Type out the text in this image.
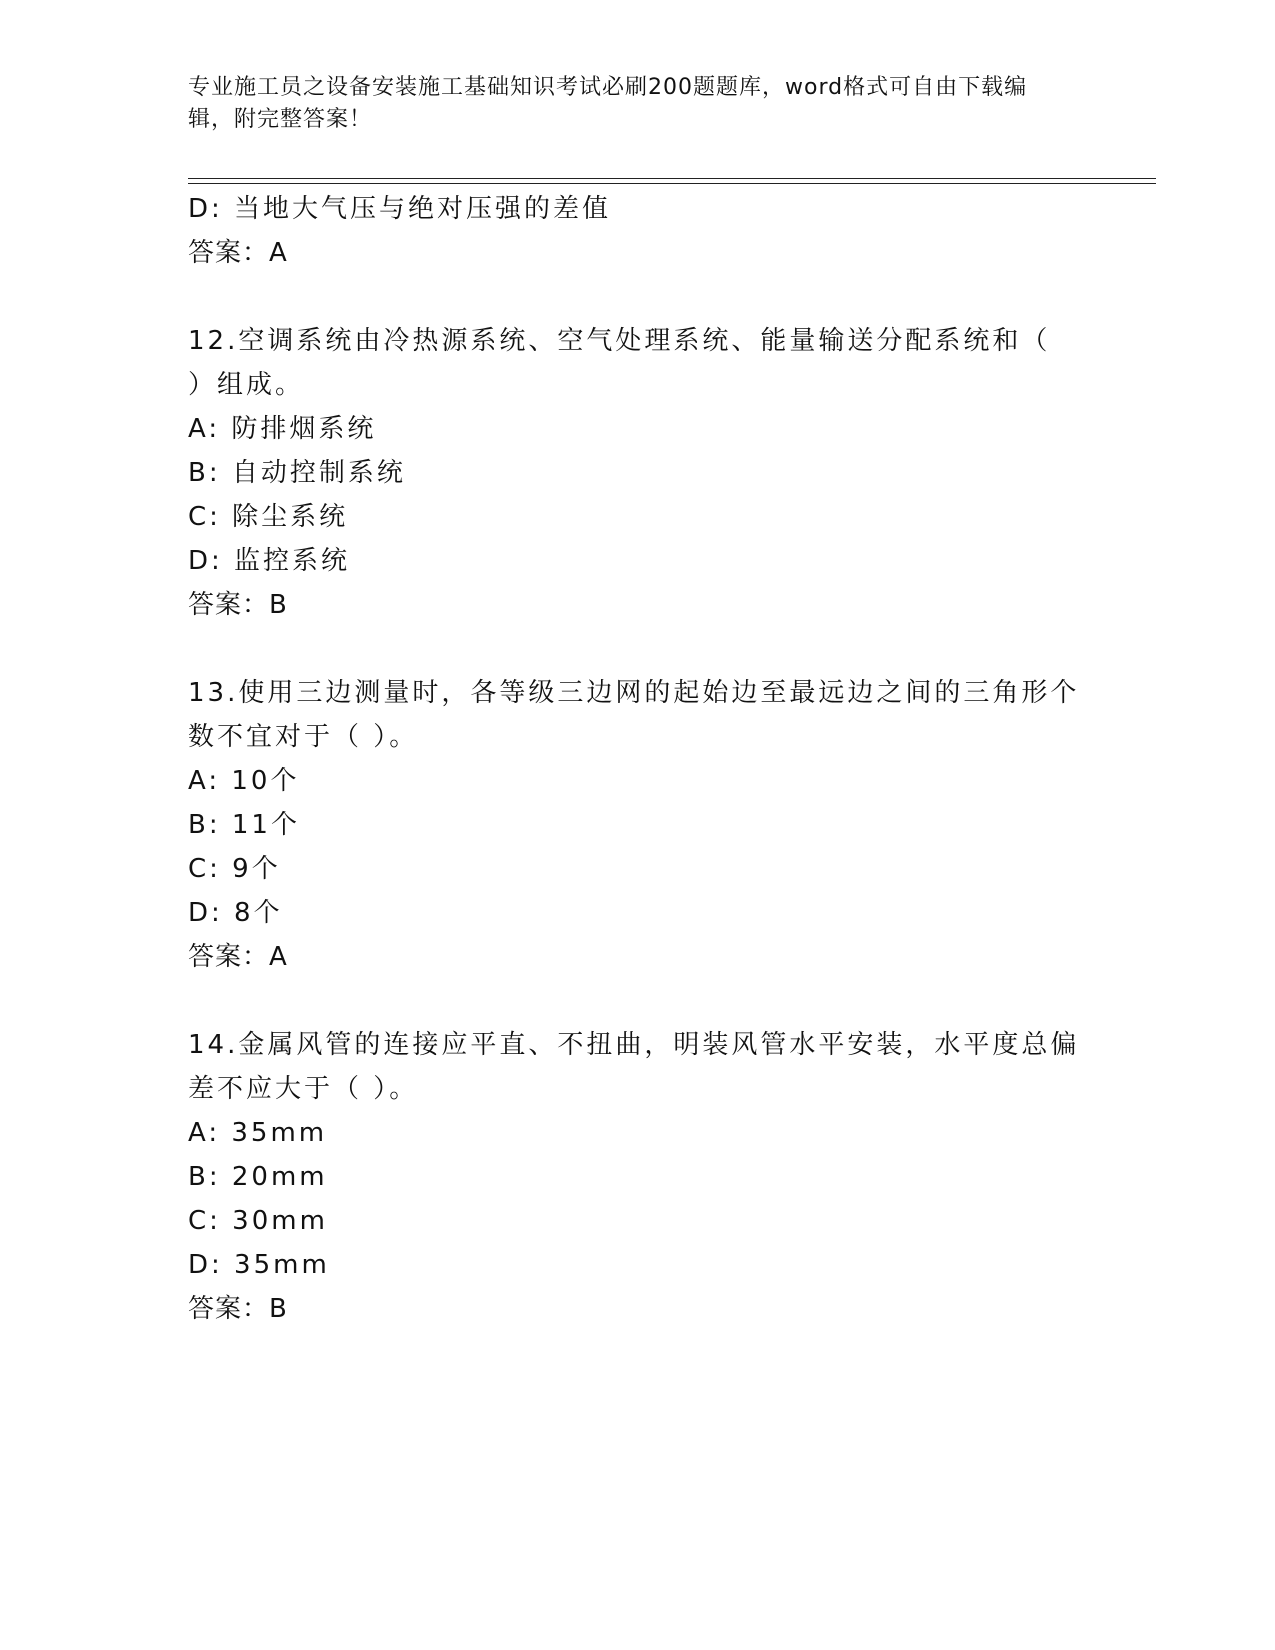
专业施工员之设备安装施工基础知识考试必刷200题题库，word格式可自由下载编辑，附完整答案！
D: 当地大气压与绝对压强的差值
答案：A
12.空调系统由冷热源系统、空气处理系统、能量输送分配系统和（
）组成。
A: 防排烟系统
B: 自动控制系统
C: 除尘系统
D: 监控系统
答案：B
13.使用三边测量时，各等级三边网的起始边至最远边之间的三角形个
数不宜对于（ ）。
A: 10个
B: 11个
C: 9个
D: 8个
答案：A
14.金属风管的连接应平直、不扭曲，明装风管水平安装，水平度总偏
差不应大于（ ）。
A: 35mm
B: 20mm
C: 30mm
D: 35mm
答案：B
